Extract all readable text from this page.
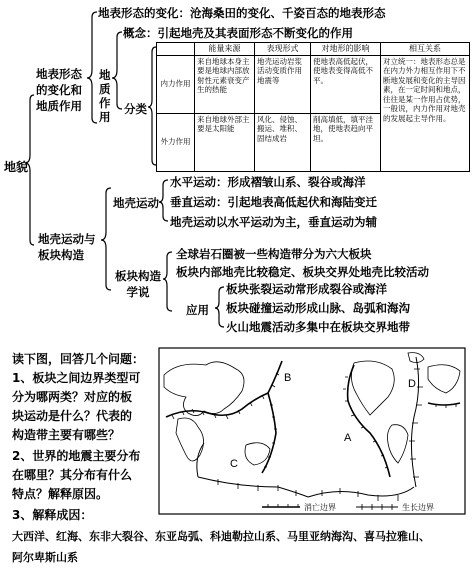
地貌
地表形态的变化和地质作用
地表形态的变化：沧海桑田的变化、千姿百态的地表形态
地质作用
概念：引起地壳及其表面形态不断变化的作用
分类
	能量来源	表现形式	对地形的影响	相互关系
内力作用	来自地球本身主要是地球内部放射性元素衰变产生的热能	地壳运动岩浆活动变质作用地震等	使地表高低起伏，使地表变得高低不平。	对立统一：地表形态总是在内力外力相互作用下不断地发展和变化的主导因素，在一定时间和地点，往往是某一作用占优势，一般说，内力作用对地壳的发展起主导作用。
外力作用	来自地球外部主要是太阳能	风化、侵蚀、搬运、堆积、固结成岩	削高填低，填平洼地，使地表趋向平坦。	
地壳运动与板块构造
地壳运动
水平运动：形成褶皱山系、裂谷或海洋
垂直运动：引起地表高低起伏和海陆变迁
地壳运动以水平运动为主，垂直运动为辅
板块构造学说
全球岩石圈被一些构造带分为六大板块
板块内部地壳比较稳定、板块交界处地壳比较活动
应用
板块张裂运动常形成裂谷或海洋
板块碰撞运动形成山脉、岛弧和海沟
火山地震活动多集中在板块交界地带
读下图，回答几个问题：
1、板块之间边界类型可
分为哪两类？对应的板
块运动是什么？代表的
构造带主要有哪些？
2、世界的地震主要分布
在哪里？其分布有什么
特点？解释原因。
3、解释成因：
大西洋、红海、东非大裂谷、东亚岛弧、科迪勒拉山系、马里亚纳海沟、喜马拉雅山、
阿尔卑斯山系
B
A
C
D
消亡边界	生长边界
